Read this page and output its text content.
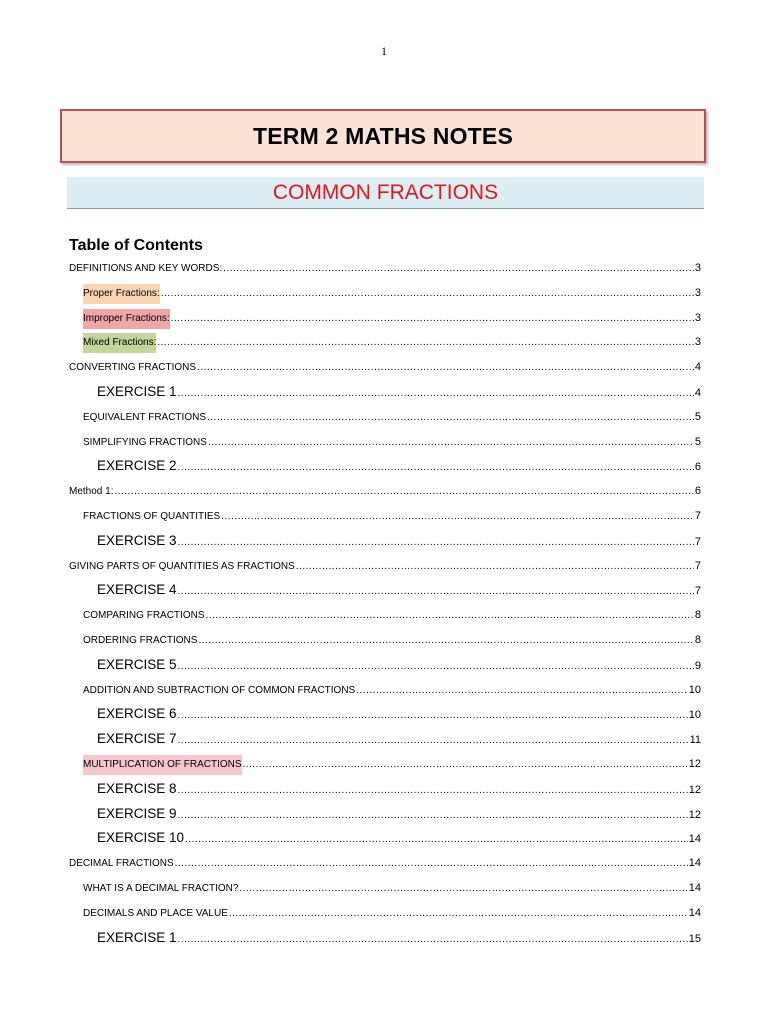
1
TERM 2 MATHS NOTES
COMMON FRACTIONS
Table of Contents
DEFINITIONS AND KEY WORDS: .....	3
Proper Fractions: .....	3
Improper Fractions: .....	3
Mixed Fractions: .....	3
CONVERTING FRACTIONS .....	4
EXERCISE 1 .....	4
EQUIVALENT FRACTIONS .....	5
SIMPLIFYING FRACTIONS .....	5
EXERCISE 2 .....	6
Method 1: .....	6
FRACTIONS OF QUANTITIES .....	7
EXERCISE 3 .....	7
GIVING PARTS OF QUANTITIES AS FRACTIONS .....	7
EXERCISE 4 .....	7
COMPARING FRACTIONS .....	8
ORDERING FRACTIONS .....	8
EXERCISE 5 .....	9
ADDITION AND SUBTRACTION OF COMMON FRACTIONS .....	10
EXERCISE 6 .....	10
EXERCISE 7 .....	11
MULTIPLICATION OF FRACTIONS .....	12
EXERCISE 8 .....	12
EXERCISE 9 .....	12
EXERCISE 10 .....	14
DECIMAL FRACTIONS .....	14
WHAT IS A DECIMAL FRACTION? .....	14
DECIMALS AND PLACE VALUE .....	14
EXERCISE 1 .....	15
